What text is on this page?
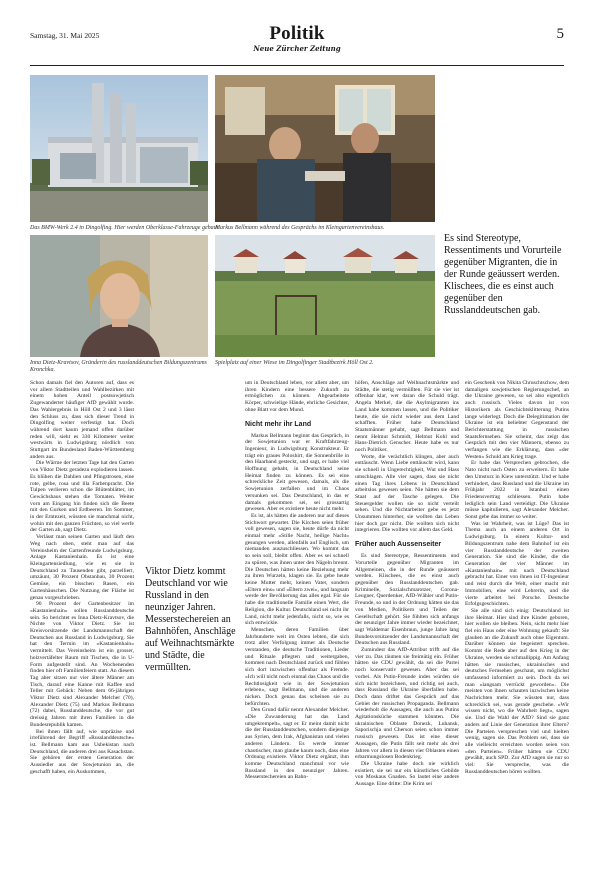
Samstag, 31. Mai 2025	Politik
Neue Zürcher Zeitung
5
Das BMW-Werk 2.4 in Dingolfing. Hier werden Oberklasse-Fahrzeuge gebaut.
Markus Bellmann während des Gesprächs im Kleingartenvereinshaus.
Inna Dietz-Kravtsov, Gründerin des russlanddeutschen Bildungszentrums Kronchka.
Spielplatz auf einer Wiese im Dingolfinger Stadtbezirk Höll Ost 2.
Es sind Stereotype, Ressentiments und Vorurteile gegenüber Migranten, die in der Runde geäussert werden. Klischees, die es einst auch gegenüber den Russlanddeutschen gab.

Schon damals fiel den Autoren auf, dass es vor allem Stadtteilen und Wahlbezirken mit einem hohen Anteil postsowjetisch Zugewanderter häufiger AfD gewählt wurde. Das Wahlergebnis in Höll Ost 2 und 3 lässt den Schluss zu, dass sich dieser Trend in Dingolfing weiter verfestigt hat. Doch während dort kaum jemand offen darüber reden will, sieht es 330 Kilometer weiter westwärts in Ludwigsburg nördlich von Stuttgart im Bundesland Baden-Württemberg anders aus.

Die Wärme der letzten Tage hat den Garten von Viktor Dietz geradezu explodieren lassen. Es blühen die Dahlien und Pfingstrosen, eine rote, gelbe, rosa und lila Farbenpracht. Die Tulpen verlieren schon die Blütenblätter, im Gewächshaus stehen die Tomaten. Weiter vorn am Eingang hin finden sich die Beete mit den Gurken und Erdbeeren. Im Sommer, in der Erntezeit, wüssten sie manchmal nicht, wohin mit den ganzen Früchten, so viel werfe der Garten ab, sagt Dietz.

Verlässt man seinen Garten und läuft den Weg nach oben, steht man auf das Vereinsheim der Gartenfreunde Ludwigsburg. Anlage Kastanienhain. Es ist eine Kleingartensiedlung, wie es sie in Deutschland zu Tausenden gibt, parzelliert, umzäunt, 30 Prozent Obstanbau, 30 Prozent Gemüse, ein bisschen Rasen, ein Gartenhäuschen. Die Nutzung der Fläche ist genau vorgeschrieben.

90 Prozent der Gartenbesitzer im «Kastanienhain» sollen Russlanddeutsche sein. So berichtet es Inna Dietz-Kravtsov, die Nichte von Viktor Dietz. Sie ist Kreisvorsitzende der Landsmannschaft der Deutschen aus Russland in Ludwigsburg. Sie hat den Termin im «Kastanienhain» vermittelt. Das Vereinsheim ist ein grosser, holzvertäfelter Raum mit Tischen, die in U-Form aufgestellt sind. An Wochenenden finden hier oft Familienfeiern statt. An diesem Tag aber sitzen nur vier ältere Männer am Tisch, darauf eine Kanne mit Kaffee und Teller mit Gebäck: Neben dem 66-jährigen Viktor Dietz sind Alexander Melcher (70), Alexander Dietz (75) und Markus Bellmann (72) dabei, Russlanddeutsche, die vor gut dreissig Jahren mit ihren Familien in die Bundesrepublik kamen.

Bei ihnen fällt auf, wie unpräzise und irreführend der Begriff «Russlanddeutsche» ist. Bellmann kam aus Usbekistan nach Deutschland, die anderen drei aus Kasachstan. Sie gehören der ersten Generation der Aussiedler aus der Sowjetunion an, die geschafft haben, ein Auskommen,

Viktor Dietz kommt Deutschland vor wie Russland in den neunziger Jahren. Messerstechereien an Bahnhöfen, Anschläge auf Weihnachtsmärkte und Städte, die vermüllten.

um in Deutschland leben, vor allem aber, um ihren Kindern eine bessere Zukunft zu ermöglichen zu können. Abgearbeitete Körper, schwielige Hände, ehrliche Gesichter, ohne Blatt vor dem Mund.

Nicht mehr ihr Land

Markus Bellmann beginnt das Gespräch, in der Sowjetunion war er Kraftfahrzeug-Ingenieur, in Ludwigsburg Konstrukteur. Er trägt ein graues Poloshirt, die Sonnenbrille in den Haarband gesteckt, und sagt, er habe viel Hoffnung gehabt, in Deutschland seine Heimat finden zu können. Es sei eine schreckliche Zeit gewesen, damals, als die Sowjetunion zerfallen und im Chaos versunken sei. Das Deutschland, in das er damals gekommen sei, sei grossartig gewesen. Aber es existiere heute nicht mehr.

Es ist, als hätten die anderen nur auf dieses Stichwort gewartet. Die Kirchen seien früher voll gewesen, sagen sie, heute dürfe da nicht einmal mehr «Stille Nacht, heilige Nacht» gesungen werden, allenfalls auf Englisch, um niemanden auszuschliessen. Wo kommt das so sein soll, bleibt offen. Aber es sei schnell zu spüren, was ihnen unter den Nägeln brennt. Die Deutschen hätten keine Beziehung mehr zu ihren Wurzeln, klagen sie. Es gebe heute keine Mutter mehr, keinen Vater, sondern «Eltern eins» und «Eltern zwei», und langsam werde der Bevölkerung das alles egal. Für sie habe die traditionelle Familie einen Wert, die Religion, die Kultur. Deutschland sei nicht ihr Land, nicht mehr jedenfalls, nicht so, wie es sich entwickle.

Menschen, deren Familien über Jahrhunderte weit im Osten lebten, die sich trotz aller Verfolgung immer als Deutsche verstanden, die deutsche Traditionen, Lieder und Rituale pflegten und weitergaben, kommen nach Deutschland zurück und fühlen sich dort inzwischen offenbar als Fremde. «Ich will nicht noch einmal das Chaos und die Rechtlosigkeit wie in der Sowjetunion erleben», sagt Bellmann, und die anderen nicken. Doch genau das scheinen sie zu befürchten.

Den Grund dafür nennt Alexander Melcher. «Die Zuwanderung hat das Land umgekrempelt», sagt er. Er meint damit nicht die der Russlanddeutschen, sondern diejenige aus Syrien, dem Irak, Afghanistan und vielen anderen Ländern. Es werde immer chaotischer, man glaube kaum noch, dass eine Ordnung existiere. Viktor Dietz ergänzt, ihm komme Deutschland manchmal vor wie Russland in den neunziger Jahren. Messerstechereien an Bahn-

höfen, Anschläge auf Weihnachtsmärkte und Städte, die stetig vermüllten. Für sie vier ist offenbar klar, wer daran die Schuld trägt. Angela Merkel, die die Asylmigranten ins Land habe kommen lassen, und die Politiker heute, die sie nicht wieder aus dem Land schafften. Früher habe Deutschland Staatsmänner gehabt, sagt Bellmann und nennt Helmut Schmidt, Helmut Kohl und Hans-Dietrich Genscher. Heute habe es nur noch Politiker.

Worte, die verächtlich klingen, aber auch enttäuscht. Wenn Liebe enttäuscht wird, kann sie schnell in Ungerechtigkeit, Wut und Hass umschlagen. Alle vier sagen, dass sie nicht einen Tag ihres Lebens in Deutschland arbeitslos gewesen seien. Nie hätten sie dem Staat auf der Tasche gelegen. Die Steuergelder wollen sie so nicht verteilt sehen. Und die Nichtarbeiter gebe es jetzt Unsummen hinterher, sie wollten das Leben hier doch gar nicht. Die wollten sich nicht integrieren. Die wollten vor allem das Geld.

Früher auch Aussenseiter

Es sind Stereotype, Ressentiments und Vorurteile gegenüber Migranten im Allgemeinen, die in der Runde geäussert werden. Klischees, die es einst auch gegenüber den Russlanddeutschen gab. Kriminelle, Sozialschmarotzer, Corona-Leugner, Querdenker, AfD-Wähler und Putin-Freunde, so und in der Ordnung hätten sie das von Medien, Politikern und Teilen der Gesellschaft gehört. Sie fühlten sich anfangs der neunziger Jahre immer wieder bezeichnet, sagt Waldemar Eisenbraun, junge Jahre lang Bundesvorsitzender der Landsmannschaft der Deutschen aus Russland.

Zumindest das AfD-Attribut trifft auf die vier zu. Das räumen sie freimütig ein. Früher hätten sie CDU gewählt, da sei die Partei noch konservativ gewesen. Aber das sei vorbei. Als Putin-Freunde indes würden sie sich nicht bezeichnen, und richtig sei auch, dass Russland die Ukraine überfallen habe. Doch dann driftet das Gespräch auf das Gebiet der russischen Propaganda. Bellmann wiederholt die Aussagen, die auch aus Putins Agitationsküche stammen könnten. Die ukrainischen Oblaste Donezk, Luhansk, Saporischja und Cherson seien schon immer russisch gewesen. Das ist eine dieser Aussagen, die Putin fällt seit mehr als drei Jahren vor allem in diesen vier Oblasten einen erbarmungslosen Bodenkrieg.

Die Ukraine habe doch nie wirklich existiert, sie sei nur ein künstliches Gebilde von Moskaus Gnaden. So lautet eine andere Aussage. Eine dritte: Die Krim sei

ein Geschenk von Nikita Chruschtschow, dem damaligen sowjetischen Regierungschef, an die Ukraine gewesen, so sei also eigentlich auch russisch. Vieles davon ist von Historikern als Geschichtsklitterung Putins lange widerlegt. Doch die Delegitimation der Ukraine ist ein beliebter Gegenstand der Berichterstattung in russischen Staatsfernsehen. Sie scheint, das zeigt das Gespräch mit den vier Männern, ebenso zu verfangen wie die Erklärung, dass «der Westen» Schuld am Krieg trage.

Er habe das Versprechen gebrochen, die Nato nicht nach Osten zu erweitern. Er habe den Umsturz in Kiew unterstützt. Und er habe verhindert, dass Russland und die Ukraine im Frühjahr 2022 in Istanbul einen Friedensvertrag schliessen. Putin habe lediglich sein Land verteidigt. Die Ukraine müsse kapitulieren, sagt Alexander Melcher. Sonst gebe das immer so weiter.

Was ist Wahrheit, was ist Lüge? Das ist Thema auch an einem anderen Ort in Ludwigsburg. In einem Kultur- und Bildungszentrum nahe dem Bahnhof ist ein vier Russlanddeutsche der zweiten Generation. Sie sind die Kinder, die die Generation der vier Männer im «Kastanienhain» mit nach Deutschland gebracht hat. Einer von ihnen ist IT-Ingenieur und reist durch die Welt, einer macht mit Immobilien, eine wird Lehrerin, und die vierte arbeitet bei Porsche. Deutsche Erfolgsgeschichten.

Sie alle sind sich einig: Deutschland ist ihre Heimat. Hier sind ihre Kinder geboren, hier wollen sie bleiben. Nein, sicht mehr hier fiel ein Haus oder eine Wohnung gekauft: Sie glauben an die Zukunft auch ohne Eigentum. Darüber können sie begeistert sprechen. Kommt die Rede aber auf den Krieg in der Ukraine, werden sie schmallippig. Am Anfang hätten sie russisches, ukrainisches und deutsches Fernsehen geschaut, um möglichst umfassend informiert zu sein. Doch da sei man «langsam verrückt geworden». Die meisten von ihnen schauten inzwischen keine Nachrichten mehr. Sie wüssten nur, dass schrecklich sei, was gerade geschehe. «Wir wissen nicht, wo die Wahrheit liegt», sagen sie. Und die Wahl der AfD? Sind sie ganz anders auf Linie der Generation ihrer Eltern? Die Parteien verspreschen viel und hielten wenig, sagen sie. Das Problem sei, dass sie alle vielleicht erreichten worden seien von «den Parteien». Früher hätten sie CDU gewählt, auch SPD. Zur AfD sagen sie nur so viel: Sie verspreche, was die Russlanddeutschen hören wollten.
